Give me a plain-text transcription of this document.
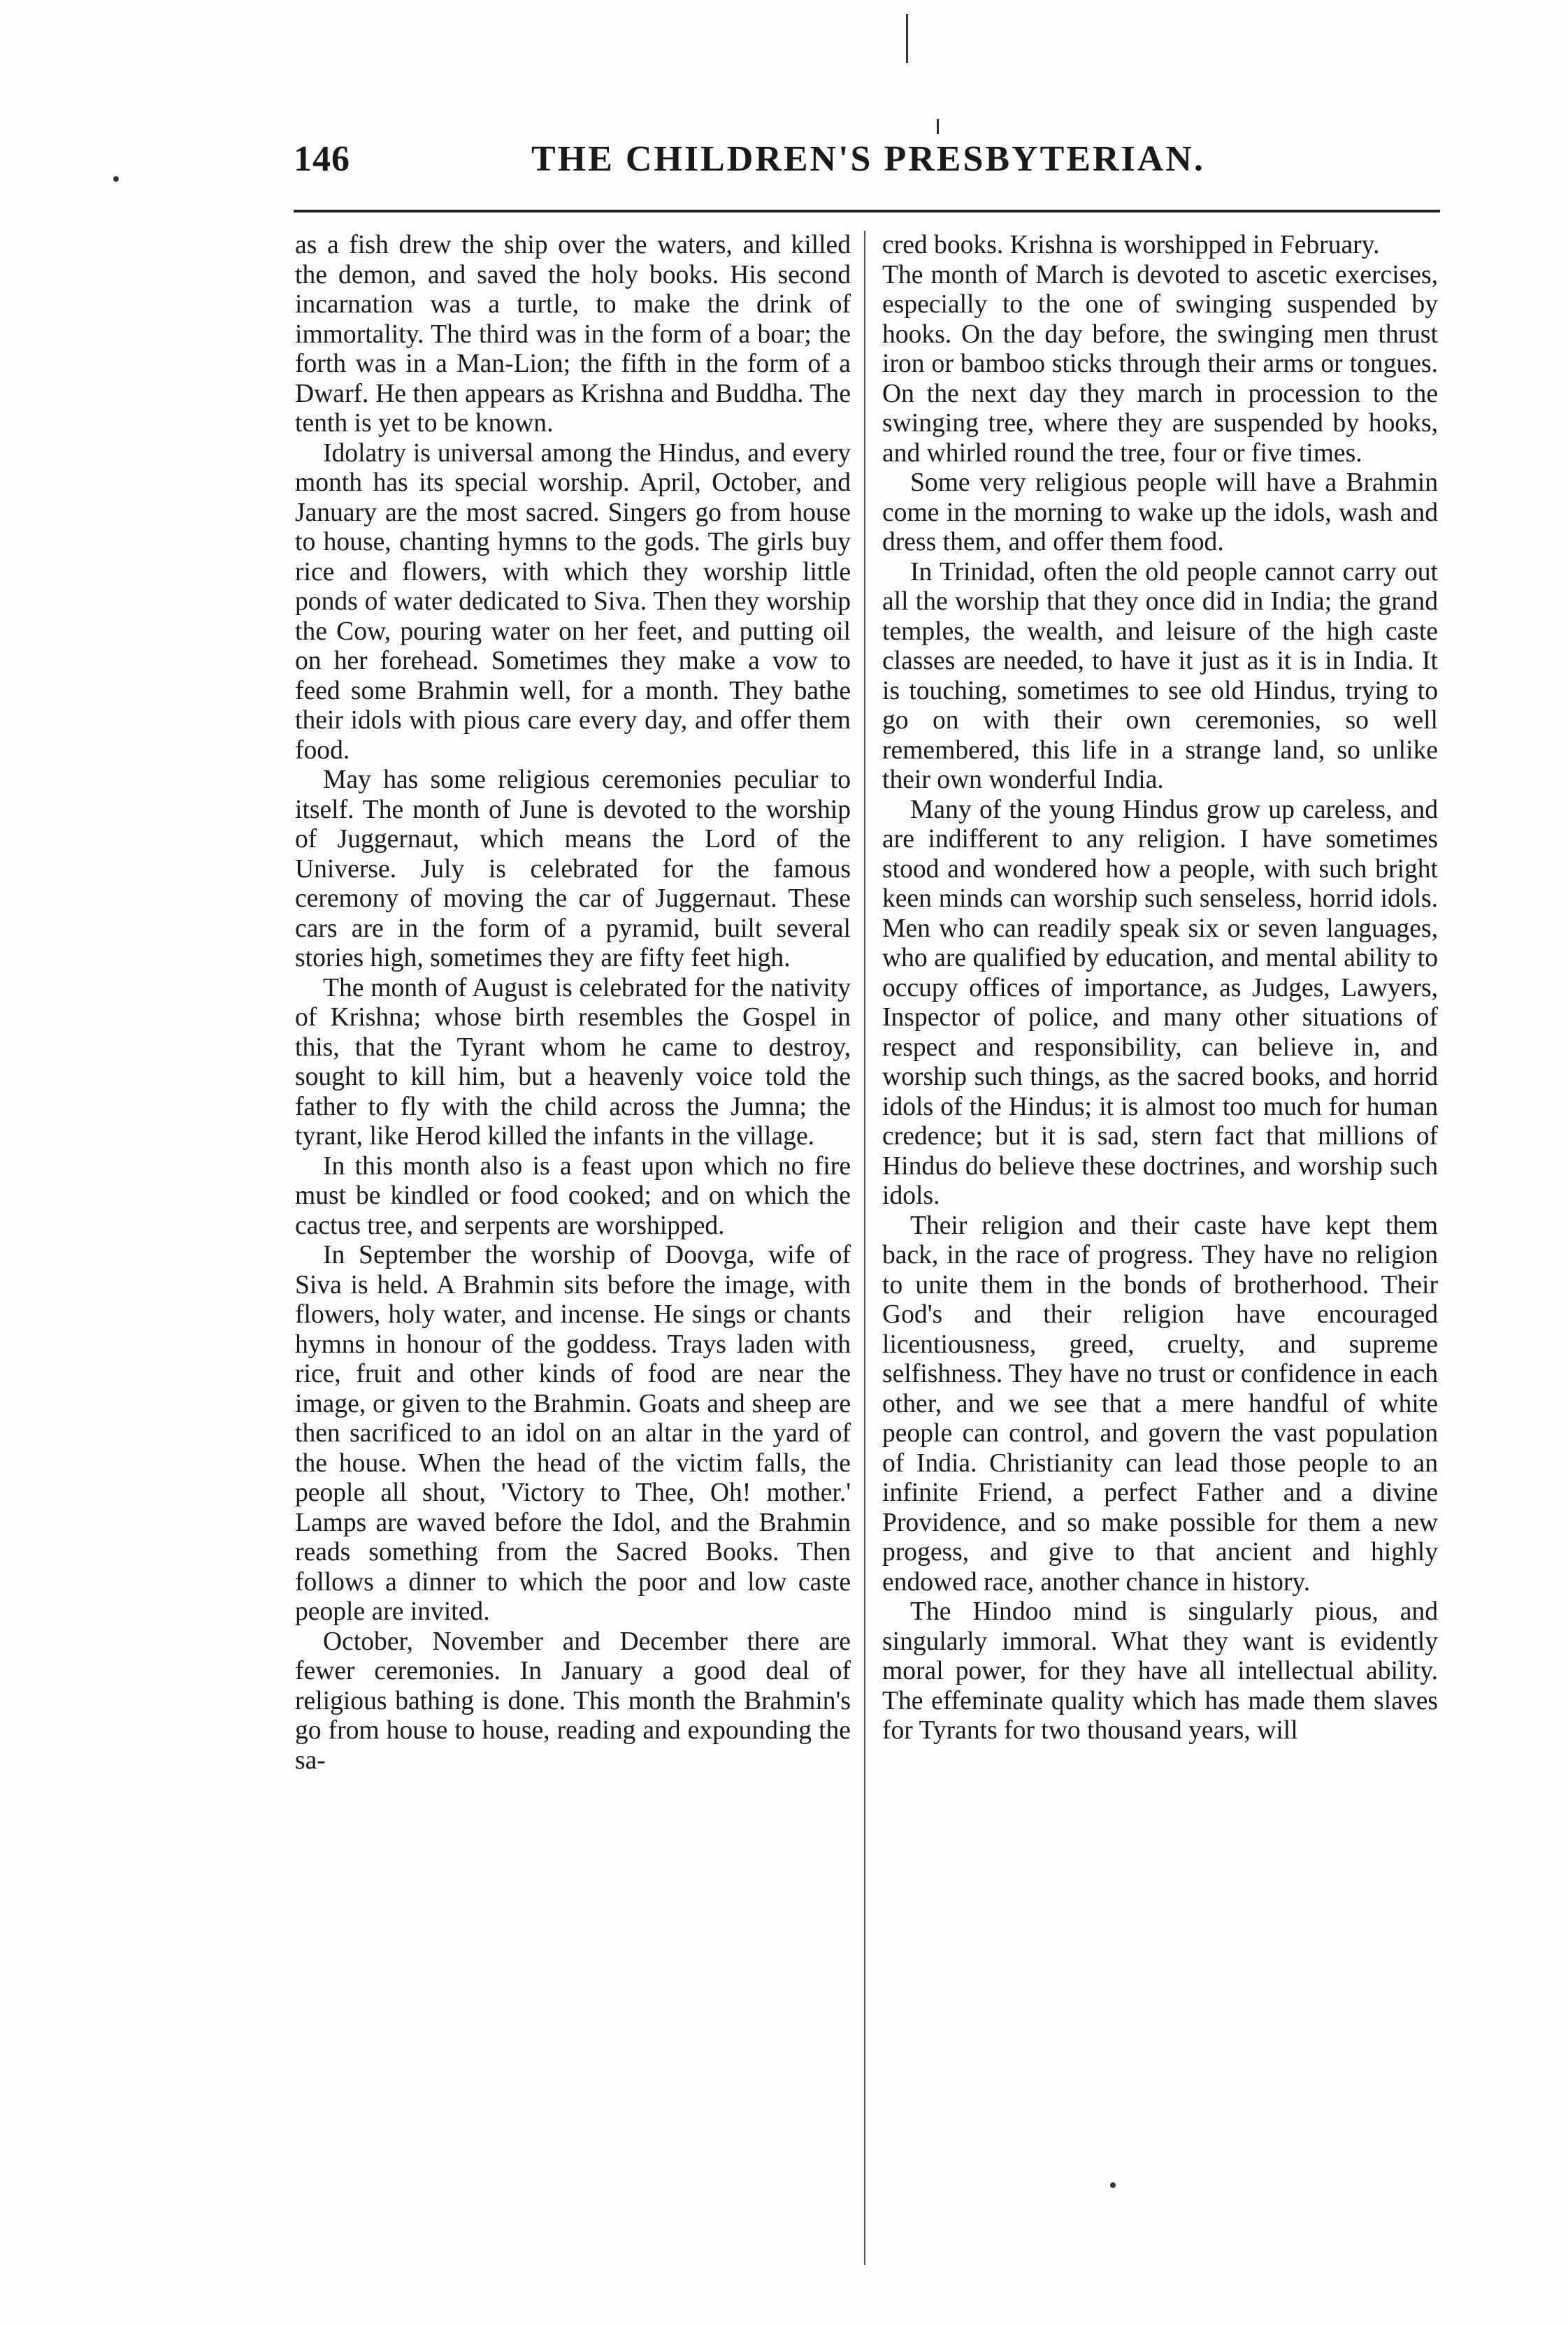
146	THE CHILDREN'S PRESBYTERIAN.

as a fish drew the ship over the waters, and killed the demon, and saved the holy books. His second incarnation was a turtle, to make the drink of immortality. The third was in the form of a boar; the forth was in a Man-Lion; the fifth in the form of a Dwarf. He then appears as Krishna and Buddha. The tenth is yet to be known.

Idolatry is universal among the Hindus, and every month has its special worship. April, October, and January are the most sacred. Singers go from house to house, chanting hymns to the gods. The girls buy rice and flowers, with which they worship little ponds of water dedicated to Siva. Then they worship the Cow, pouring water on her feet, and putting oil on her forehead. Sometimes they make a vow to feed some Brahmin well, for a month. They bathe their idols with pious care every day, and offer them food.

May has some religious ceremonies peculiar to itself. The month of June is devoted to the worship of Juggernaut, which means the Lord of the Universe. July is celebrated for the famous ceremony of moving the car of Juggernaut. These cars are in the form of a pyramid, built several stories high, sometimes they are fifty feet high.

The month of August is celebrated for the nativity of Krishna; whose birth resembles the Gospel in this, that the Tyrant whom he came to destroy, sought to kill him, but a heavenly voice told the father to fly with the child across the Jumna; the tyrant, like Herod killed the infants in the village.

In this month also is a feast upon which no fire must be kindled or food cooked; and on which the cactus tree, and serpents are worshipped.

In September the worship of Doovga, wife of Siva is held. A Brahmin sits before the image, with flowers, holy water, and incense. He sings or chants hymns in honour of the goddess. Trays laden with rice, fruit and other kinds of food are near the image, or given to the Brahmin. Goats and sheep are then sacrificed to an idol on an altar in the yard of the house. When the head of the victim falls, the people all shout, 'Victory to Thee, Oh! mother.' Lamps are waved before the Idol, and the Brahmin reads something from the Sacred Books. Then follows a dinner to which the poor and low caste people are invited.

October, November and December there are fewer ceremonies. In January a good deal of religious bathing is done. This month the Brahmin's go from house to house, reading and expounding the sa-

cred books. Krishna is worshipped in February.

The month of March is devoted to ascetic exercises, especially to the one of swinging suspended by hooks. On the day before, the swinging men thrust iron or bamboo sticks through their arms or tongues. On the next day they march in procession to the swinging tree, where they are suspended by hooks, and whirled round the tree, four or five times.

Some very religious people will have a Brahmin come in the morning to wake up the idols, wash and dress them, and offer them food.

In Trinidad, often the old people cannot carry out all the worship that they once did in India; the grand temples, the wealth, and leisure of the high caste classes are needed, to have it just as it is in India. It is touching, sometimes to see old Hindus, trying to go on with their own ceremonies, so well remembered, this life in a strange land, so unlike their own wonderful India.

Many of the young Hindus grow up careless, and are indifferent to any religion. I have sometimes stood and wondered how a people, with such bright keen minds can worship such senseless, horrid idols. Men who can readily speak six or seven languages, who are qualified by education, and mental ability to occupy offices of importance, as Judges, Lawyers, Inspector of police, and many other situations of respect and responsibility, can believe in, and worship such things, as the sacred books, and horrid idols of the Hindus; it is almost too much for human credence; but it is sad, stern fact that millions of Hindus do believe these doctrines, and worship such idols.

Their religion and their caste have kept them back, in the race of progress. They have no religion to unite them in the bonds of brotherhood. Their God's and their religion have encouraged licentiousness, greed, cruelty, and supreme selfishness. They have no trust or confidence in each other, and we see that a mere handful of white people can control, and govern the vast population of India. Christianity can lead those people to an infinite Friend, a perfect Father and a divine Providence, and so make possible for them a new progess, and give to that ancient and highly endowed race, another chance in history.

The Hindoo mind is singularly pious, and singularly immoral. What they want is evidently moral power, for they have all intellectual ability. The effeminate quality which has made them slaves for Tyrants for two thousand years, will
